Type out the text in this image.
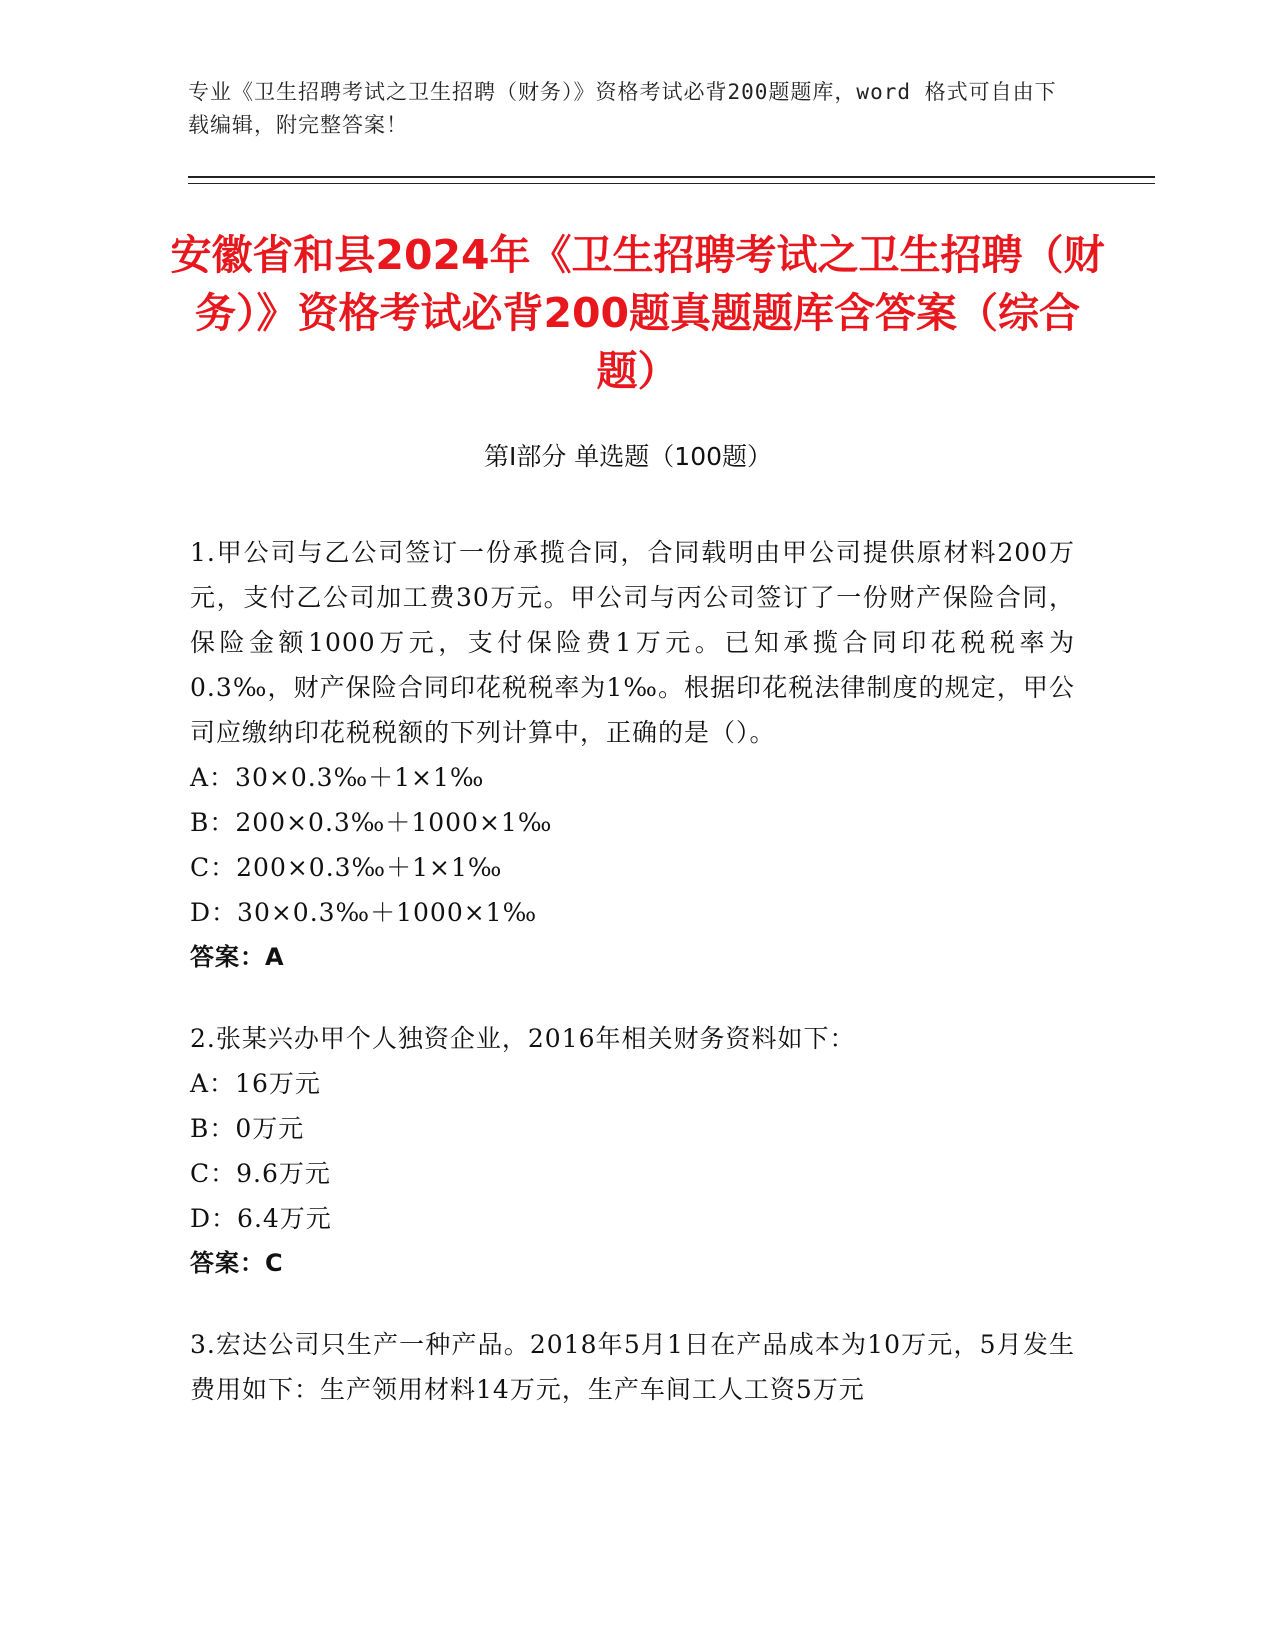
专业《卫生招聘考试之卫生招聘（财务）》资格考试必背200题题库，word 格式可自由下载编辑，附完整答案！
安徽省和县2024年《卫生招聘考试之卫生招聘（财务）》资格考试必背200题真题题库含答案（综合题）
第Ⅰ部分 单选题（100题）

1.甲公司与乙公司签订一份承揽合同，合同载明由甲公司提供原材料200万元，支付乙公司加工费30万元。甲公司与丙公司签订了一份财产保险合同，保险金额1000万元，支付保险费1万元。已知承揽合同印花税税率为0.3‰，财产保险合同印花税税率为1‰。根据印花税法律制度的规定，甲公司应缴纳印花税税额的下列计算中，正确的是（）。

A：30×0.3‰＋1×1‰

B：200×0.3‰＋1000×1‰

C：200×0.3‰＋1×1‰

D：30×0.3‰＋1000×1‰

答案：A

2.张某兴办甲个人独资企业，2016年相关财务资料如下：

A：16万元

B：0万元

C：9.6万元

D：6.4万元

答案：C

3.宏达公司只生产一种产品。2018年5月1日在产品成本为10万元，5月发生费用如下：生产领用材料14万元，生产车间工人工资5万元
